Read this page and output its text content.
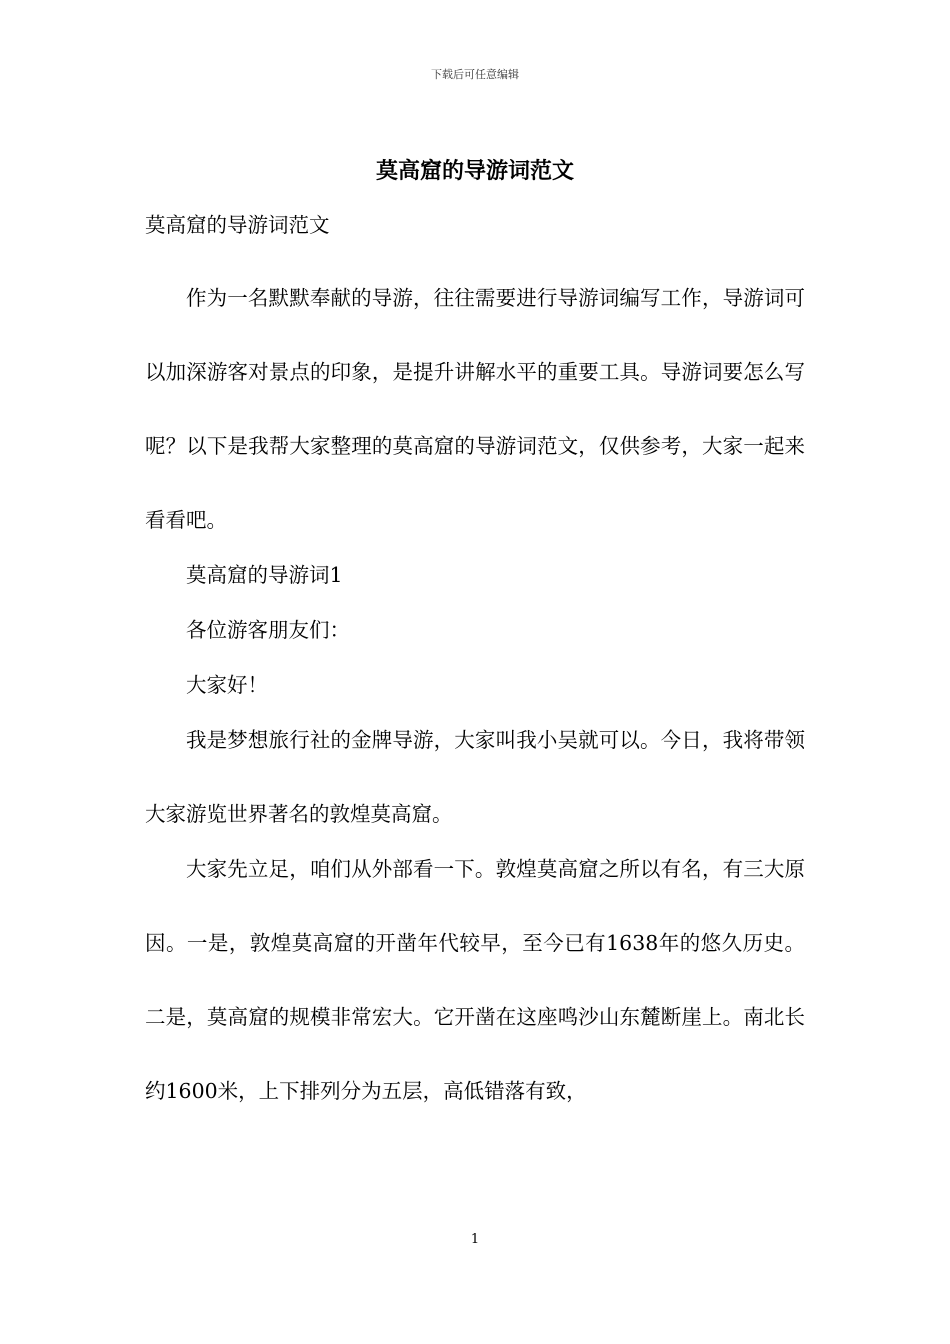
下载后可任意编辑
莫高窟的导游词范文

莫高窟的导游词范文

作为一名默默奉献的导游，往往需要进行导游词编写工作，导游词可以加深游客对景点的印象，是提升讲解水平的重要工具。导游词要怎么写呢？以下是我帮大家整理的莫高窟的导游词范文，仅供参考，大家一起来看看吧。

莫高窟的导游词1

各位游客朋友们：

大家好！

我是梦想旅行社的金牌导游，大家叫我小吴就可以。今日，我将带领大家游览世界著名的敦煌莫高窟。

大家先立足，咱们从外部看一下。敦煌莫高窟之所以有名，有三大原因。一是，敦煌莫高窟的开凿年代较早，至今已有1638年的悠久历史。二是，莫高窟的规模非常宏大。它开凿在这座鸣沙山东麓断崖上。南北长约1600米，上下排列分为五层，高低错落有致，

1
